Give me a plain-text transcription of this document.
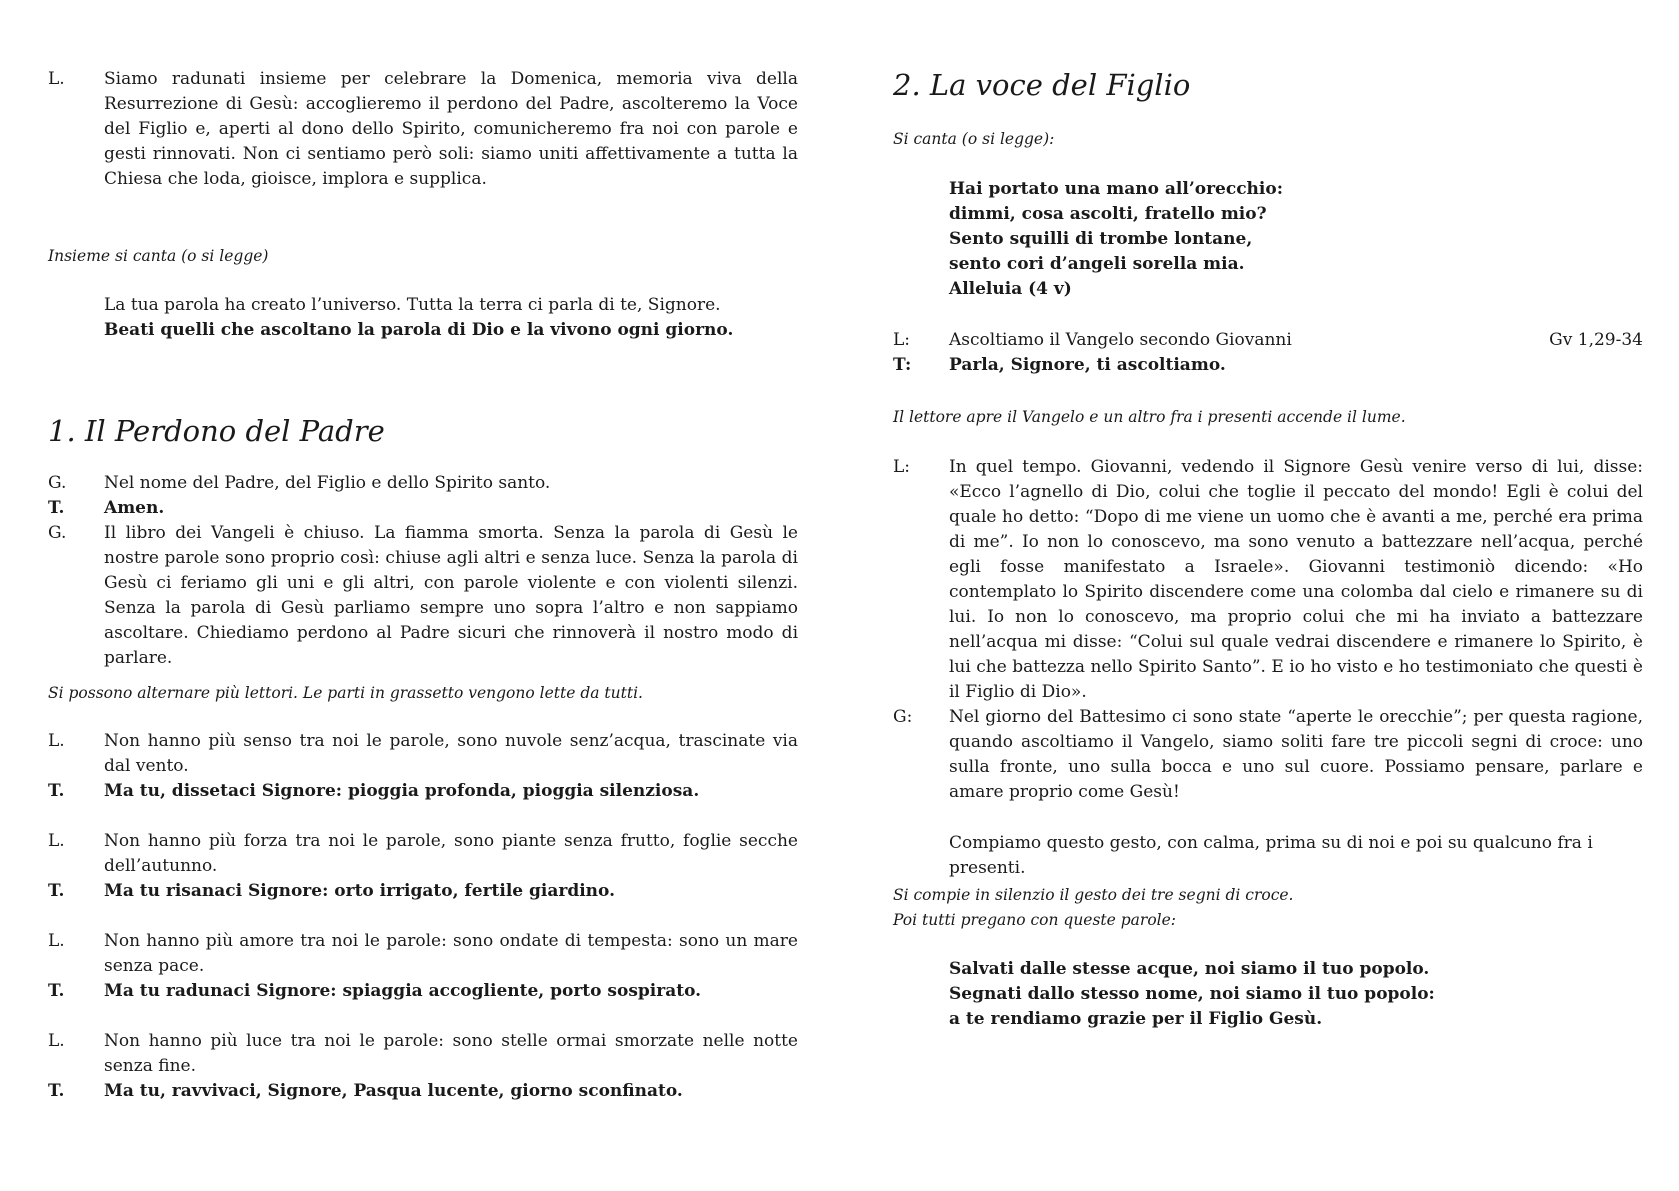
L.	Siamo radunati insieme per celebrare la Domenica, memoria viva della Resurrezione di Gesù: accoglieremo il perdono del Padre, ascolteremo la Voce del Figlio e, aperti al dono dello Spirito, comunicheremo fra noi con parole e gesti rinnovati. Non ci sentiamo però soli: siamo uniti affettivamente a tutta la Chiesa che loda, gioisce, implora e supplica.
Insieme si canta (o si legge)
La tua parola ha creato l’universo. Tutta la terra ci parla di te, Signore.
Beati quelli che ascoltano la parola di Dio e la vivono ogni giorno.
1. Il Perdono del Padre
G.	Nel nome del Padre, del Figlio e dello Spirito santo.
T.	Amen.
G.	Il libro dei Vangeli è chiuso. La fiamma smorta. Senza la parola di Gesù le nostre parole sono proprio così: chiuse agli altri e senza luce. Senza la parola di Gesù ci feriamo gli uni e gli altri, con parole violente e con violenti silenzi. Senza la parola di Gesù parliamo sempre uno sopra l’altro e non sappiamo ascoltare. Chiediamo perdono al Padre sicuri che rinnoverà il nostro modo di parlare.
Si possono alternare più lettori. Le parti in grassetto vengono lette da tutti.
L.	Non hanno più senso tra noi le parole, sono nuvole senz’acqua, trascinate via dal vento.
T.	Ma tu, dissetaci Signore: pioggia profonda, pioggia silenziosa.
L.	Non hanno più forza tra noi le parole, sono piante senza frutto, foglie secche dell’autunno.
T.	Ma tu risanaci Signore: orto irrigato, fertile giardino.
L.	Non hanno più amore tra noi le parole: sono ondate di tempesta: sono un mare senza pace.
T.	Ma tu radunaci Signore: spiaggia accogliente, porto sospirato.
L.	Non hanno più luce tra noi le parole: sono stelle ormai smorzate nelle notte senza fine.
T.	Ma tu, ravvivaci, Signore, Pasqua lucente, giorno sconfinato.
2. La voce del Figlio
Si canta (o si legge):
Hai portato una mano all’orecchio:
dimmi, cosa ascolti, fratello mio?
Sento squilli di trombe lontane,
sento cori d’angeli sorella mia.
Alleluia (4 v)
L:	Ascoltiamo il Vangelo secondo Giovanni	Gv 1,29-34
T:	Parla, Signore, ti ascoltiamo.
Il lettore apre il Vangelo e un altro fra i presenti accende il lume.
L:	In quel tempo. Giovanni, vedendo il Signore Gesù venire verso di lui, disse: «Ecco l’agnello di Dio, colui che toglie il peccato del mondo! Egli è colui del quale ho detto: “Dopo di me viene un uomo che è avanti a me, perché era prima di me”. Io non lo conoscevo, ma sono venuto a battezzare nell’acqua, perché egli fosse manifestato a Israele». Giovanni testimoniò dicendo: «Ho contemplato lo Spirito discendere come una colomba dal cielo e rimanere su di lui. Io non lo conoscevo, ma proprio colui che mi ha inviato a battezzare nell’acqua mi disse: “Colui sul quale vedrai discendere e rimanere lo Spirito, è lui che battezza nello Spirito Santo”. E io ho visto e ho testimoniato che questi è il Figlio di Dio».
G:	Nel giorno del Battesimo ci sono state “aperte le orecchie”; per questa ragione, quando ascoltiamo il Vangelo, siamo soliti fare tre piccoli segni di croce: uno sulla fronte, uno sulla bocca e uno sul cuore. Possiamo pensare, parlare e amare proprio come Gesù!
Compiamo questo gesto, con calma, prima su di noi e poi su qualcuno fra i presenti.
Si compie in silenzio il gesto dei tre segni di croce.
Poi tutti pregano con queste parole:
Salvati dalle stesse acque, noi siamo il tuo popolo.
Segnati dallo stesso nome, noi siamo il tuo popolo:
a te rendiamo grazie per il Figlio Gesù.
